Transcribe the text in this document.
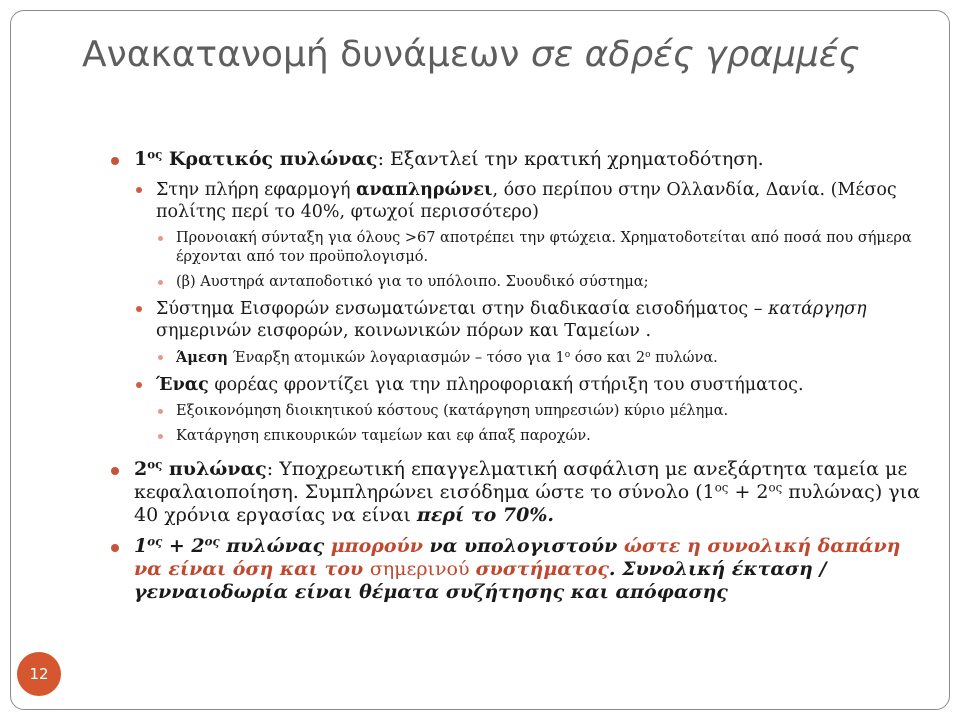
Ανακατανομή δυνάμεων σε αδρές γραμμές
$1^{o\varsigma}$ Κρατικός πυλώνας: Εξαντλεί την κρατική χρηματοδότηση.
Στην πλήρη εφαρμογή αναπληρώνει, όσο περίπου στην Ολλανδία, Δανία. (Μέσος πολίτης περί το 40%, φτωχοί περισσότερο)
Προνοιακή σύνταξη για όλους >67 αποτρέπει την φτώχεια. Χρηματοδοτείται από ποσά που σήμερα έρχονται από τον προϋπολογισμό.
(β) Αυστηρά ανταποδοτικό για το υπόλοιπο. Συουδικό σύστημα;
Σύστημα Εισφορών ενσωματώνεται στην διαδικασία εισοδήματος – κατάργηση σημερινών εισφορών, κοινωνικών πόρων και Ταμείων .
Άμεση Έναρξη ατομικών λογαριασμών – τόσο για $1^o$ όσο και $2^o$ πυλώνα.
Ένας φορέας φροντίζει για την πληροφοριακή στήριξη του συστήματος.
Εξοικονόμηση διοικητικού κόστους (κατάργηση υπηρεσιών) κύριο μέλημα.
Κατάργηση επικουρικών ταμείων και εφ άπαξ παροχών.
$2^{o\varsigma}$ πυλώνας: Υποχρεωτική επαγγελματική ασφάλιση με ανεξάρτητα ταμεία με κεφαλαιοποίηση. Συμπληρώνει εισόδημα ώστε το σύνολο ($1^{o\varsigma} + 2^{o\varsigma}$ πυλώνας) για 40 χρόνια εργασίας να είναι περί το 70%.
$1^{o\varsigma} + 2^{o\varsigma}$ πυλώνας μπορούν να υπολογιστούν ώστε η συνολική δαπάνη να είναι όση και του σημερινού συστήματος. Συνολική έκταση / γενναιοδωρία είναι θέματα συζήτησης και απόφασης
12
